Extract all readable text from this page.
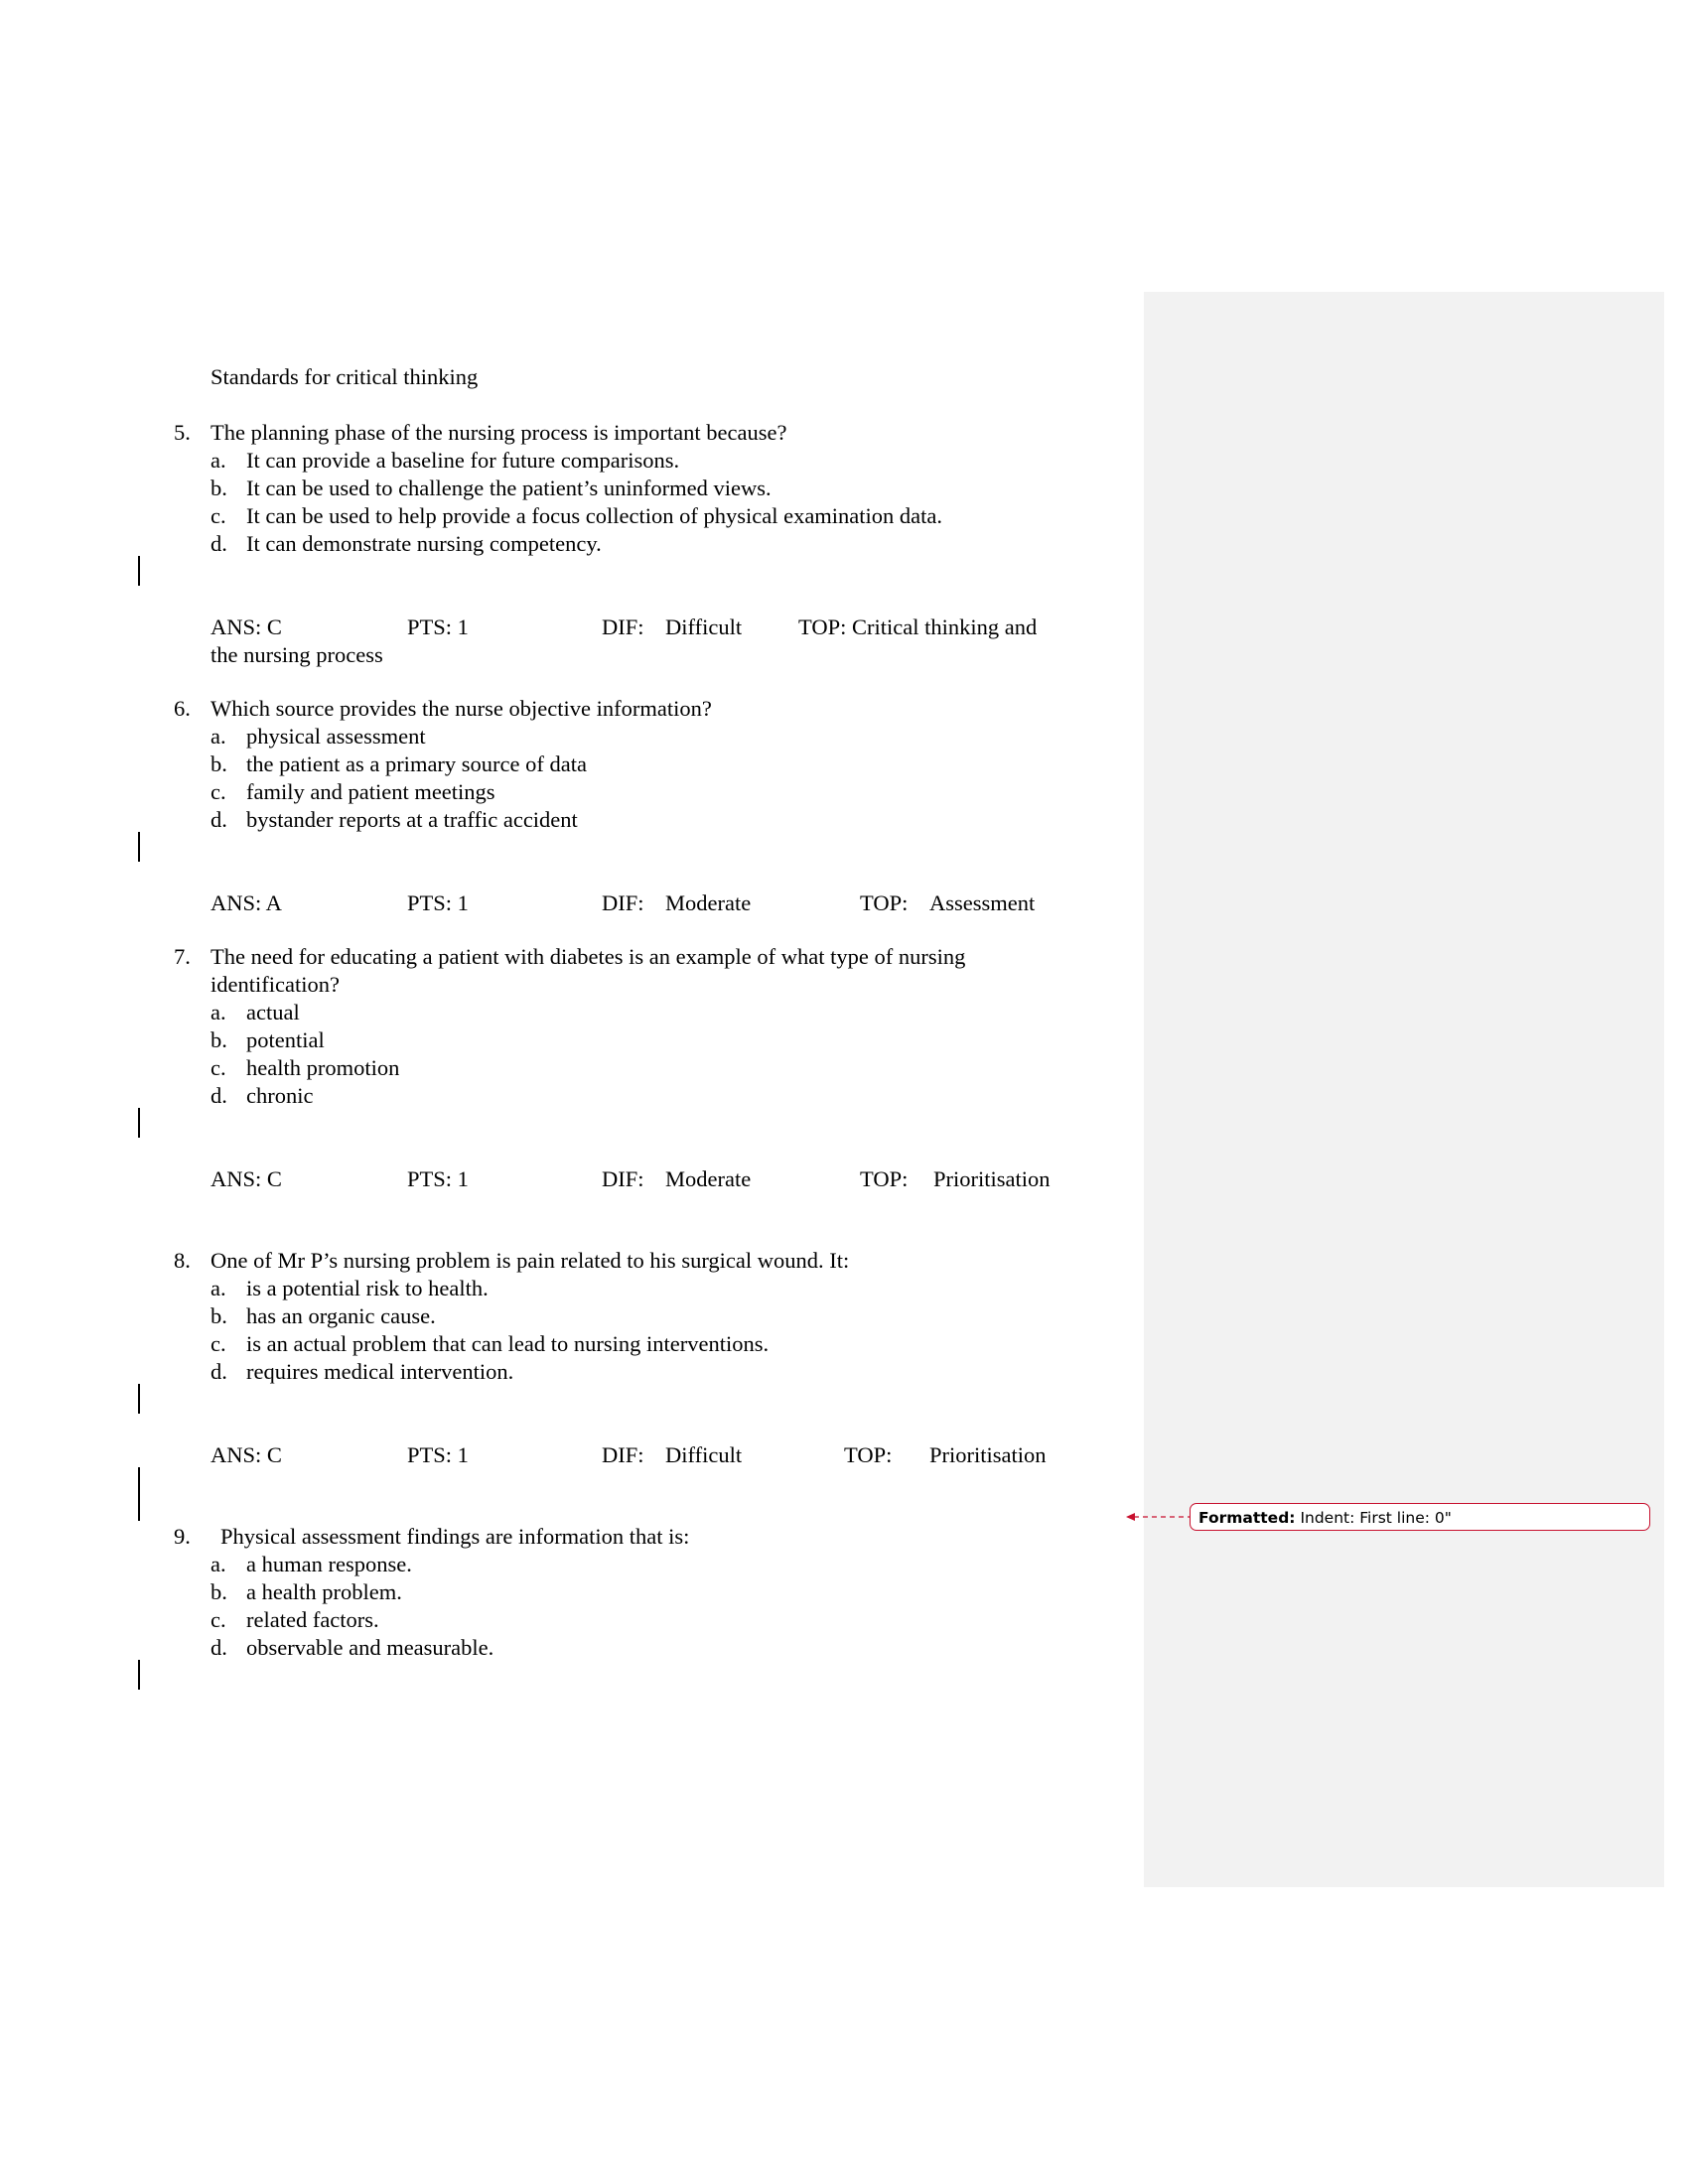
Standards for critical thinking
5. The planning phase of the nursing process is important because?
a. It can provide a baseline for future comparisons.
b. It can be used to challenge the patient’s uninformed views.
c. It can be used to help provide a focus collection of physical examination data.
d. It can demonstrate nursing competency.
ANS: C	PTS: 1	DIF: Difficult	TOP: Critical thinking and
the nursing process
6. Which source provides the nurse objective information?
a. physical assessment
b. the patient as a primary source of data
c. family and patient meetings
d. bystander reports at a traffic accident
ANS: A	PTS: 1	DIF: Moderate	TOP: Assessment
7. The need for educating a patient with diabetes is an example of what type of nursing
identification?
a. actual
b. potential
c. health promotion
d. chronic
ANS: C	PTS: 1	DIF: Moderate	TOP: Prioritisation
8. One of Mr P’s nursing problem is pain related to his surgical wound. It:
a. is a potential risk to health.
b. has an organic cause.
c. is an actual problem that can lead to nursing interventions.
d. requires medical intervention.
ANS: C	PTS: 1	DIF: Difficult	TOP: Prioritisation
9. Physical assessment findings are information that is:
a. a human response.
b. a health problem.
c. related factors.
d. observable and measurable.
Formatted: Indent: First line: 0"
